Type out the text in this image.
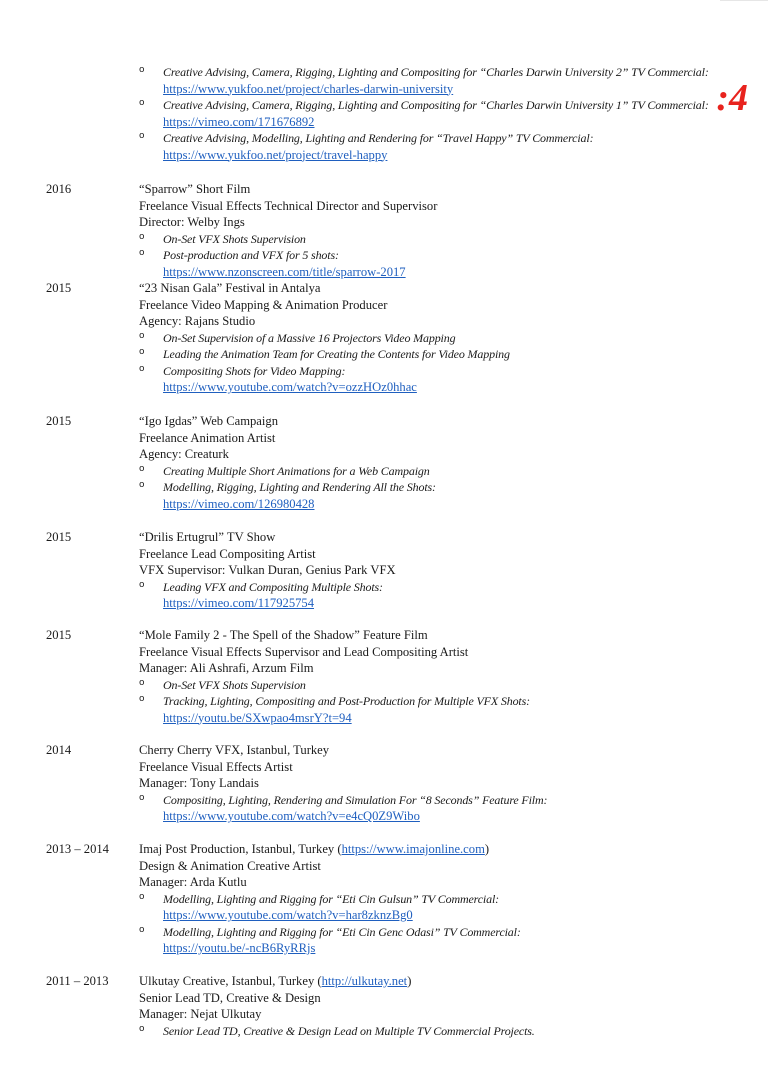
:4
o Creative Advising, Camera, Rigging, Lighting and Compositing for “Charles Darwin University 2” TV Commercial:
https://www.yukfoo.net/project/charles-darwin-university
o Creative Advising, Camera, Rigging, Lighting and Compositing for “Charles Darwin University 1” TV Commercial:
https://vimeo.com/171676892
o Creative Advising, Modelling, Lighting and Rendering for “Travel Happy” TV Commercial:
https://www.yukfoo.net/project/travel-happy
2016	“Sparrow” Short Film
Freelance Visual Effects Technical Director and Supervisor
Director: Welby Ings
o On-Set VFX Shots Supervision
o Post-production and VFX for 5 shots:
https://www.nzonscreen.com/title/sparrow-2017
2015	“23 Nisan Gala” Festival in Antalya
Freelance Video Mapping & Animation Producer
Agency: Rajans Studio
o On-Set Supervision of a Massive 16 Projectors Video Mapping
o Leading the Animation Team for Creating the Contents for Video Mapping
o Compositing Shots for Video Mapping:
https://www.youtube.com/watch?v=ozzHOz0hhac
2015	“Igo Igdas” Web Campaign
Freelance Animation Artist
Agency: Creaturk
o Creating Multiple Short Animations for a Web Campaign
o Modelling, Rigging, Lighting and Rendering All the Shots:
https://vimeo.com/126980428
2015	“Drilis Ertugrul” TV Show
Freelance Lead Compositing Artist
VFX Supervisor: Vulkan Duran, Genius Park VFX
o Leading VFX and Compositing Multiple Shots:
https://vimeo.com/117925754
2015	“Mole Family 2 - The Spell of the Shadow” Feature Film
Freelance Visual Effects Supervisor and Lead Compositing Artist
Manager: Ali Ashrafi, Arzum Film
o On-Set VFX Shots Supervision
o Tracking, Lighting, Compositing and Post-Production for Multiple VFX Shots:
https://youtu.be/SXwpao4msrY?t=94
2014	Cherry Cherry VFX, Istanbul, Turkey
Freelance Visual Effects Artist
Manager: Tony Landais
o Compositing, Lighting, Rendering and Simulation For “8 Seconds” Feature Film:
https://www.youtube.com/watch?v=e4cQ0Z9Wibo
2013 – 2014 Imaj Post Production, Istanbul, Turkey (https://www.imajonline.com)
Design & Animation Creative Artist
Manager: Arda Kutlu
o Modelling, Lighting and Rigging for “Eti Cin Gulsun” TV Commercial:
https://www.youtube.com/watch?v=har8zknzBg0
o Modelling, Lighting and Rigging for “Eti Cin Genc Odasi” TV Commercial:
https://youtu.be/-ncB6RyRRjs
2011 – 2013 Ulkutay Creative, Istanbul, Turkey (http://ulkutay.net)
Senior Lead TD, Creative & Design
Manager: Nejat Ulkutay
o Senior Lead TD, Creative & Design Lead on Multiple TV Commercial Projects.
